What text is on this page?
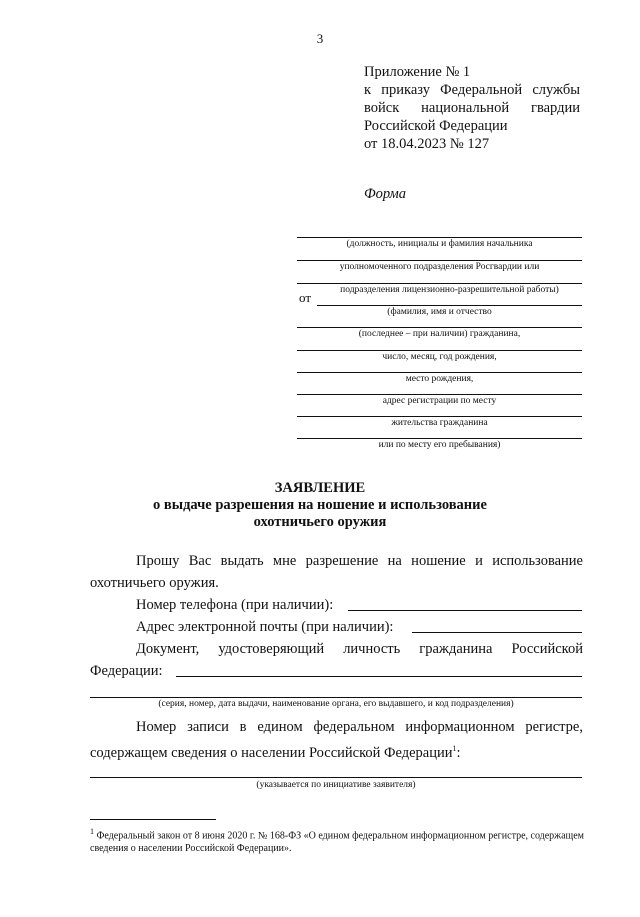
3
Приложение № 1
к приказу Федеральной службы
войск национальной гвардии
Российской Федерации
от 18.04.2023 № 127
Форма
(должность, инициалы и фамилия начальника
уполномоченного подразделения Росгвардии или
подразделения лицензионно-разрешительной работы)
от
(фамилия, имя и отчество
(последнее – при наличии) гражданина,
число, месяц, год рождения,
место рождения,
адрес регистрации по месту
жительства гражданина
или по месту его пребывания)
ЗАЯВЛЕНИЕ
о выдаче разрешения на ношение и использование
охотничьего оружия
Прошу Вас выдать мне разрешение на ношение и использование
охотничьего оружия.
Номер телефона (при наличии):
Адрес электронной почты (при наличии):
Документ, удостоверяющий личность гражданина Российской
Федерации:
(серия, номер, дата выдачи, наименование органа, его выдавшего, и код подразделения)
Номер записи в едином федеральном информационном регистре,
содержащем сведения о населении Российской Федерации$^1$:
(указывается по инициативе заявителя)
$^1$ Федеральный закон от 8 июня 2020 г. № 168-ФЗ «О едином федеральном информационном регистре, содержащем сведения о населении Российской Федерации».
